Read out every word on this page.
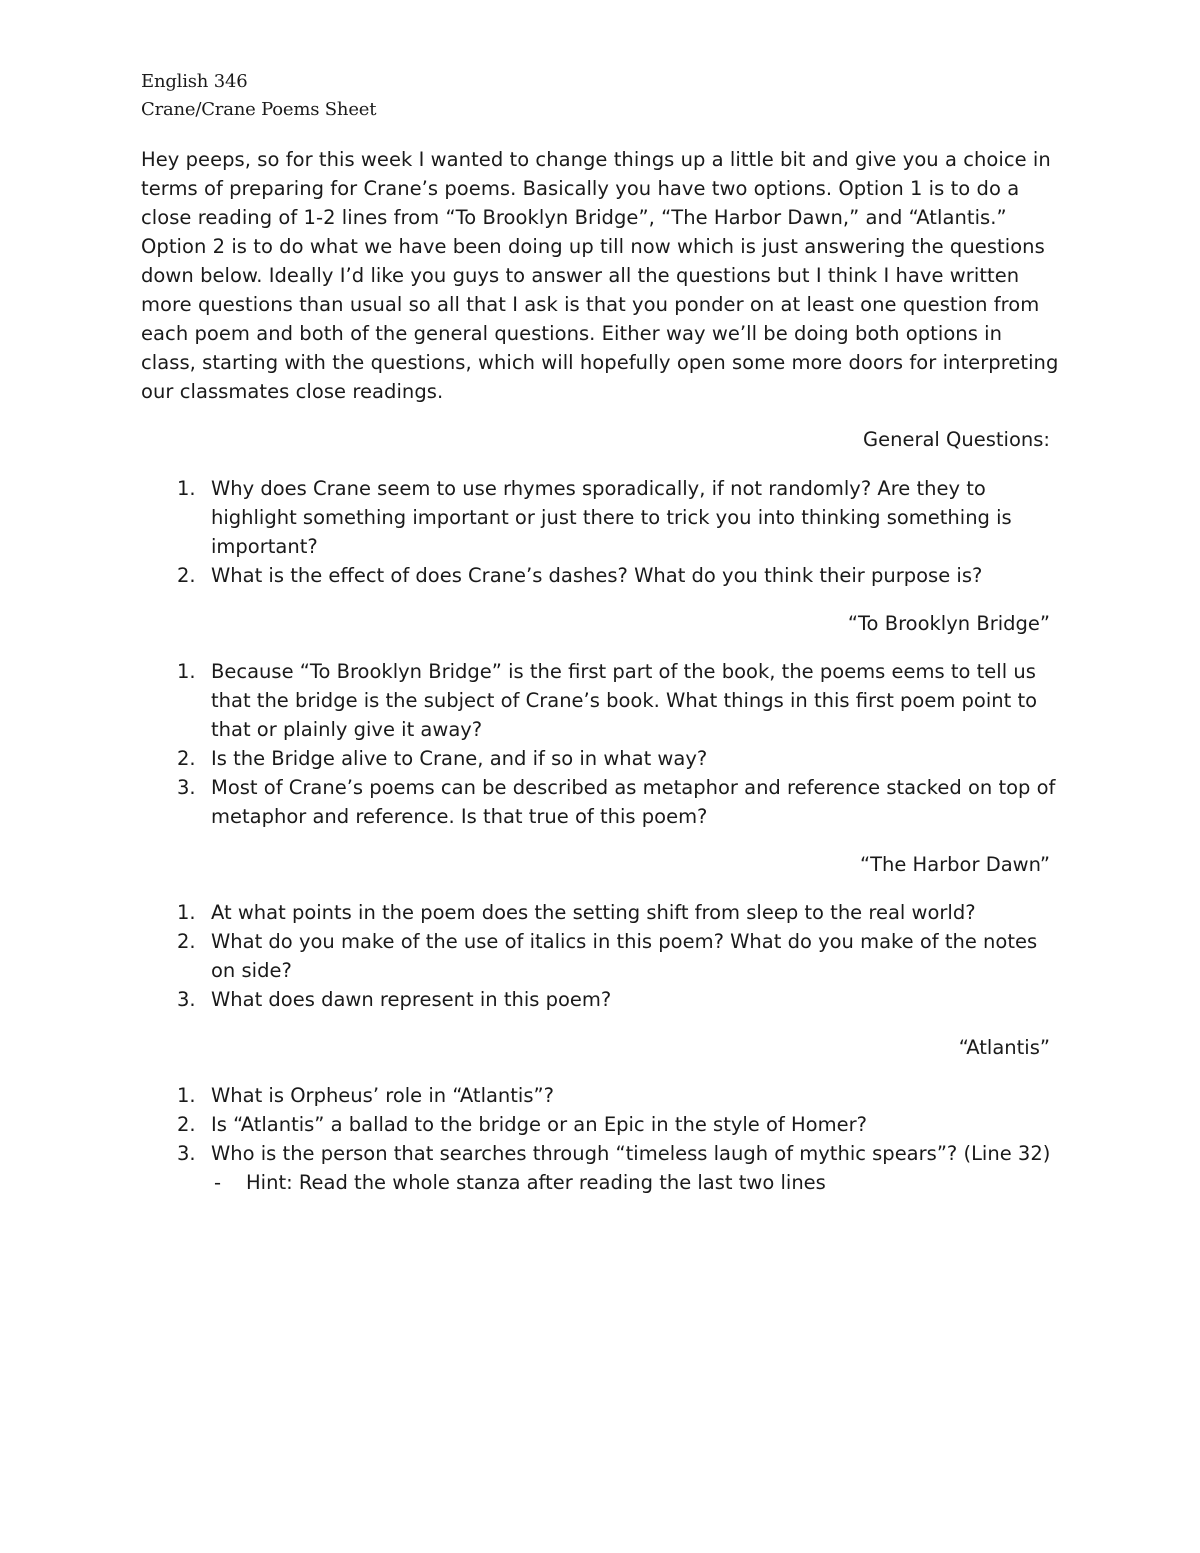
English 346
Crane/Crane Poems Sheet

Hey peeps, so for this week I wanted to change things up a little bit and give you a choice in terms of preparing for Crane’s poems. Basically you have two options. Option 1 is to do a close reading of 1-2 lines from “To Brooklyn Bridge”, “The Harbor Dawn,” and “Atlantis.” Option 2 is to do what we have been doing up till now which is just answering the questions down below. Ideally I’d like you guys to answer all the questions but I think I have written more questions than usual so all that I ask is that you ponder on at least one question from each poem and both of the general questions. Either way we’ll be doing both options in class, starting with the questions, which will hopefully open some more doors for interpreting our classmates close readings.

General Questions:
1. Why does Crane seem to use rhymes sporadically, if not randomly? Are they to highlight something important or just there to trick you into thinking something is important?
2. What is the effect of does Crane’s dashes? What do you think their purpose is?
“To Brooklyn Bridge”
1. Because “To Brooklyn Bridge” is the first part of the book, the poems eems to tell us that the bridge is the subject of Crane’s book. What things in this first poem point to that or plainly give it away?
2. Is the Bridge alive to Crane, and if so in what way?
3. Most of Crane’s poems can be described as metaphor and reference stacked on top of metaphor and reference. Is that true of this poem?
“The Harbor Dawn”
1. At what points in the poem does the setting shift from sleep to the real world?
2. What do you make of the use of italics in this poem? What do you make of the notes on side?
3. What does dawn represent in this poem?
“Atlantis”
1. What is Orpheus’ role in “Atlantis”?
2. Is “Atlantis” a ballad to the bridge or an Epic in the style of Homer?
3. Who is the person that searches through “timeless laugh of mythic spears”? (Line 32)
- Hint: Read the whole stanza after reading the last two lines
